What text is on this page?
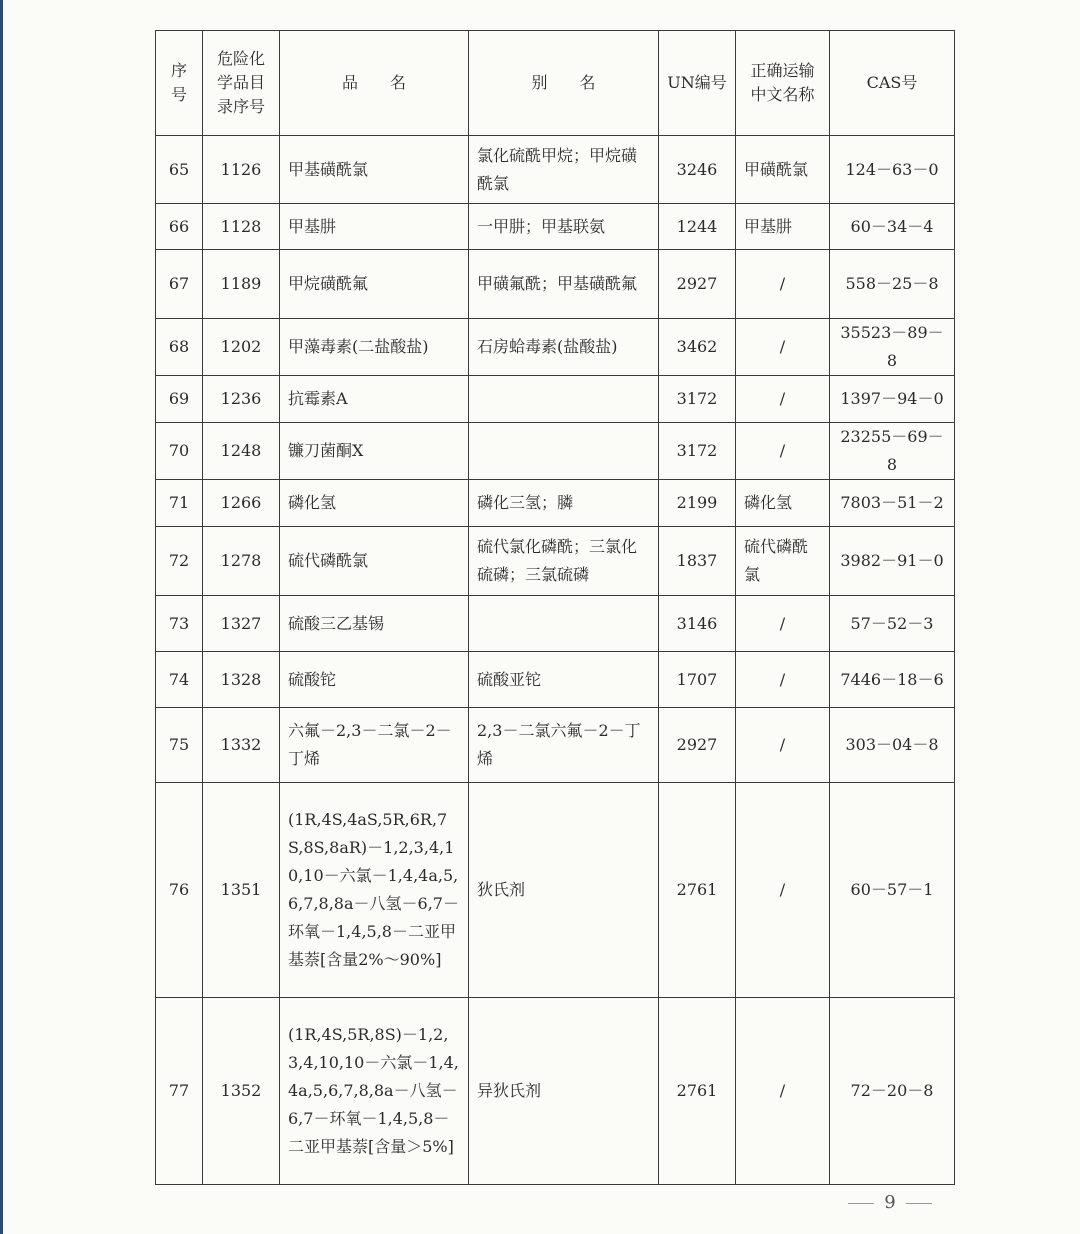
序号	危险化学品目录序号	品　　名	别　　名	UN编号	正确运输中文名称	CAS号
65	1126	甲基磺酰氯	氯化硫酰甲烷；甲烷磺酰氯	3246	甲磺酰氯	124－63－0
66	1128	甲基肼	一甲肼；甲基联氨	1244	甲基肼	60－34－4
67	1189	甲烷磺酰氟	甲磺氟酰；甲基磺酰氟	2927	/	558－25－8
68	1202	甲藻毒素(二盐酸盐)	石房蛤毒素(盐酸盐)	3462	/	35523－89－8
69	1236	抗霉素A		3172	/	1397－94－0
70	1248	镰刀菌酮X		3172	/	23255－69－8
71	1266	磷化氢	磷化三氢；膦	2199	磷化氢	7803－51－2
72	1278	硫代磷酰氯	硫代氯化磷酰；三氯化硫磷；三氯硫磷	1837	硫代磷酰氯	3982－91－0
73	1327	硫酸三乙基锡		3146	/	57－52－3
74	1328	硫酸铊	硫酸亚铊	1707	/	7446－18－6
75	1332	六氟－2,3－二氯－2－丁烯	2,3－二氯六氟－2－丁烯	2927	/	303－04－8
76	1351	(1R,4S,4aS,5R,6R,7S,8S,8aR)－1,2,3,4,10,10－六氯－1,4,4a,5,6,7,8,8a－八氢－6,7－环氧－1,4,5,8－二亚甲基萘[含量2%～90%]	狄氏剂	2761	/	60－57－1
77	1352	(1R,4S,5R,8S)－1,2,3,4,10,10－六氯－1,4,4a,5,6,7,8,8a－八氢－6,7－环氧－1,4,5,8－二亚甲基萘[含量＞5%]	异狄氏剂	2761	/	72－20－8
9
